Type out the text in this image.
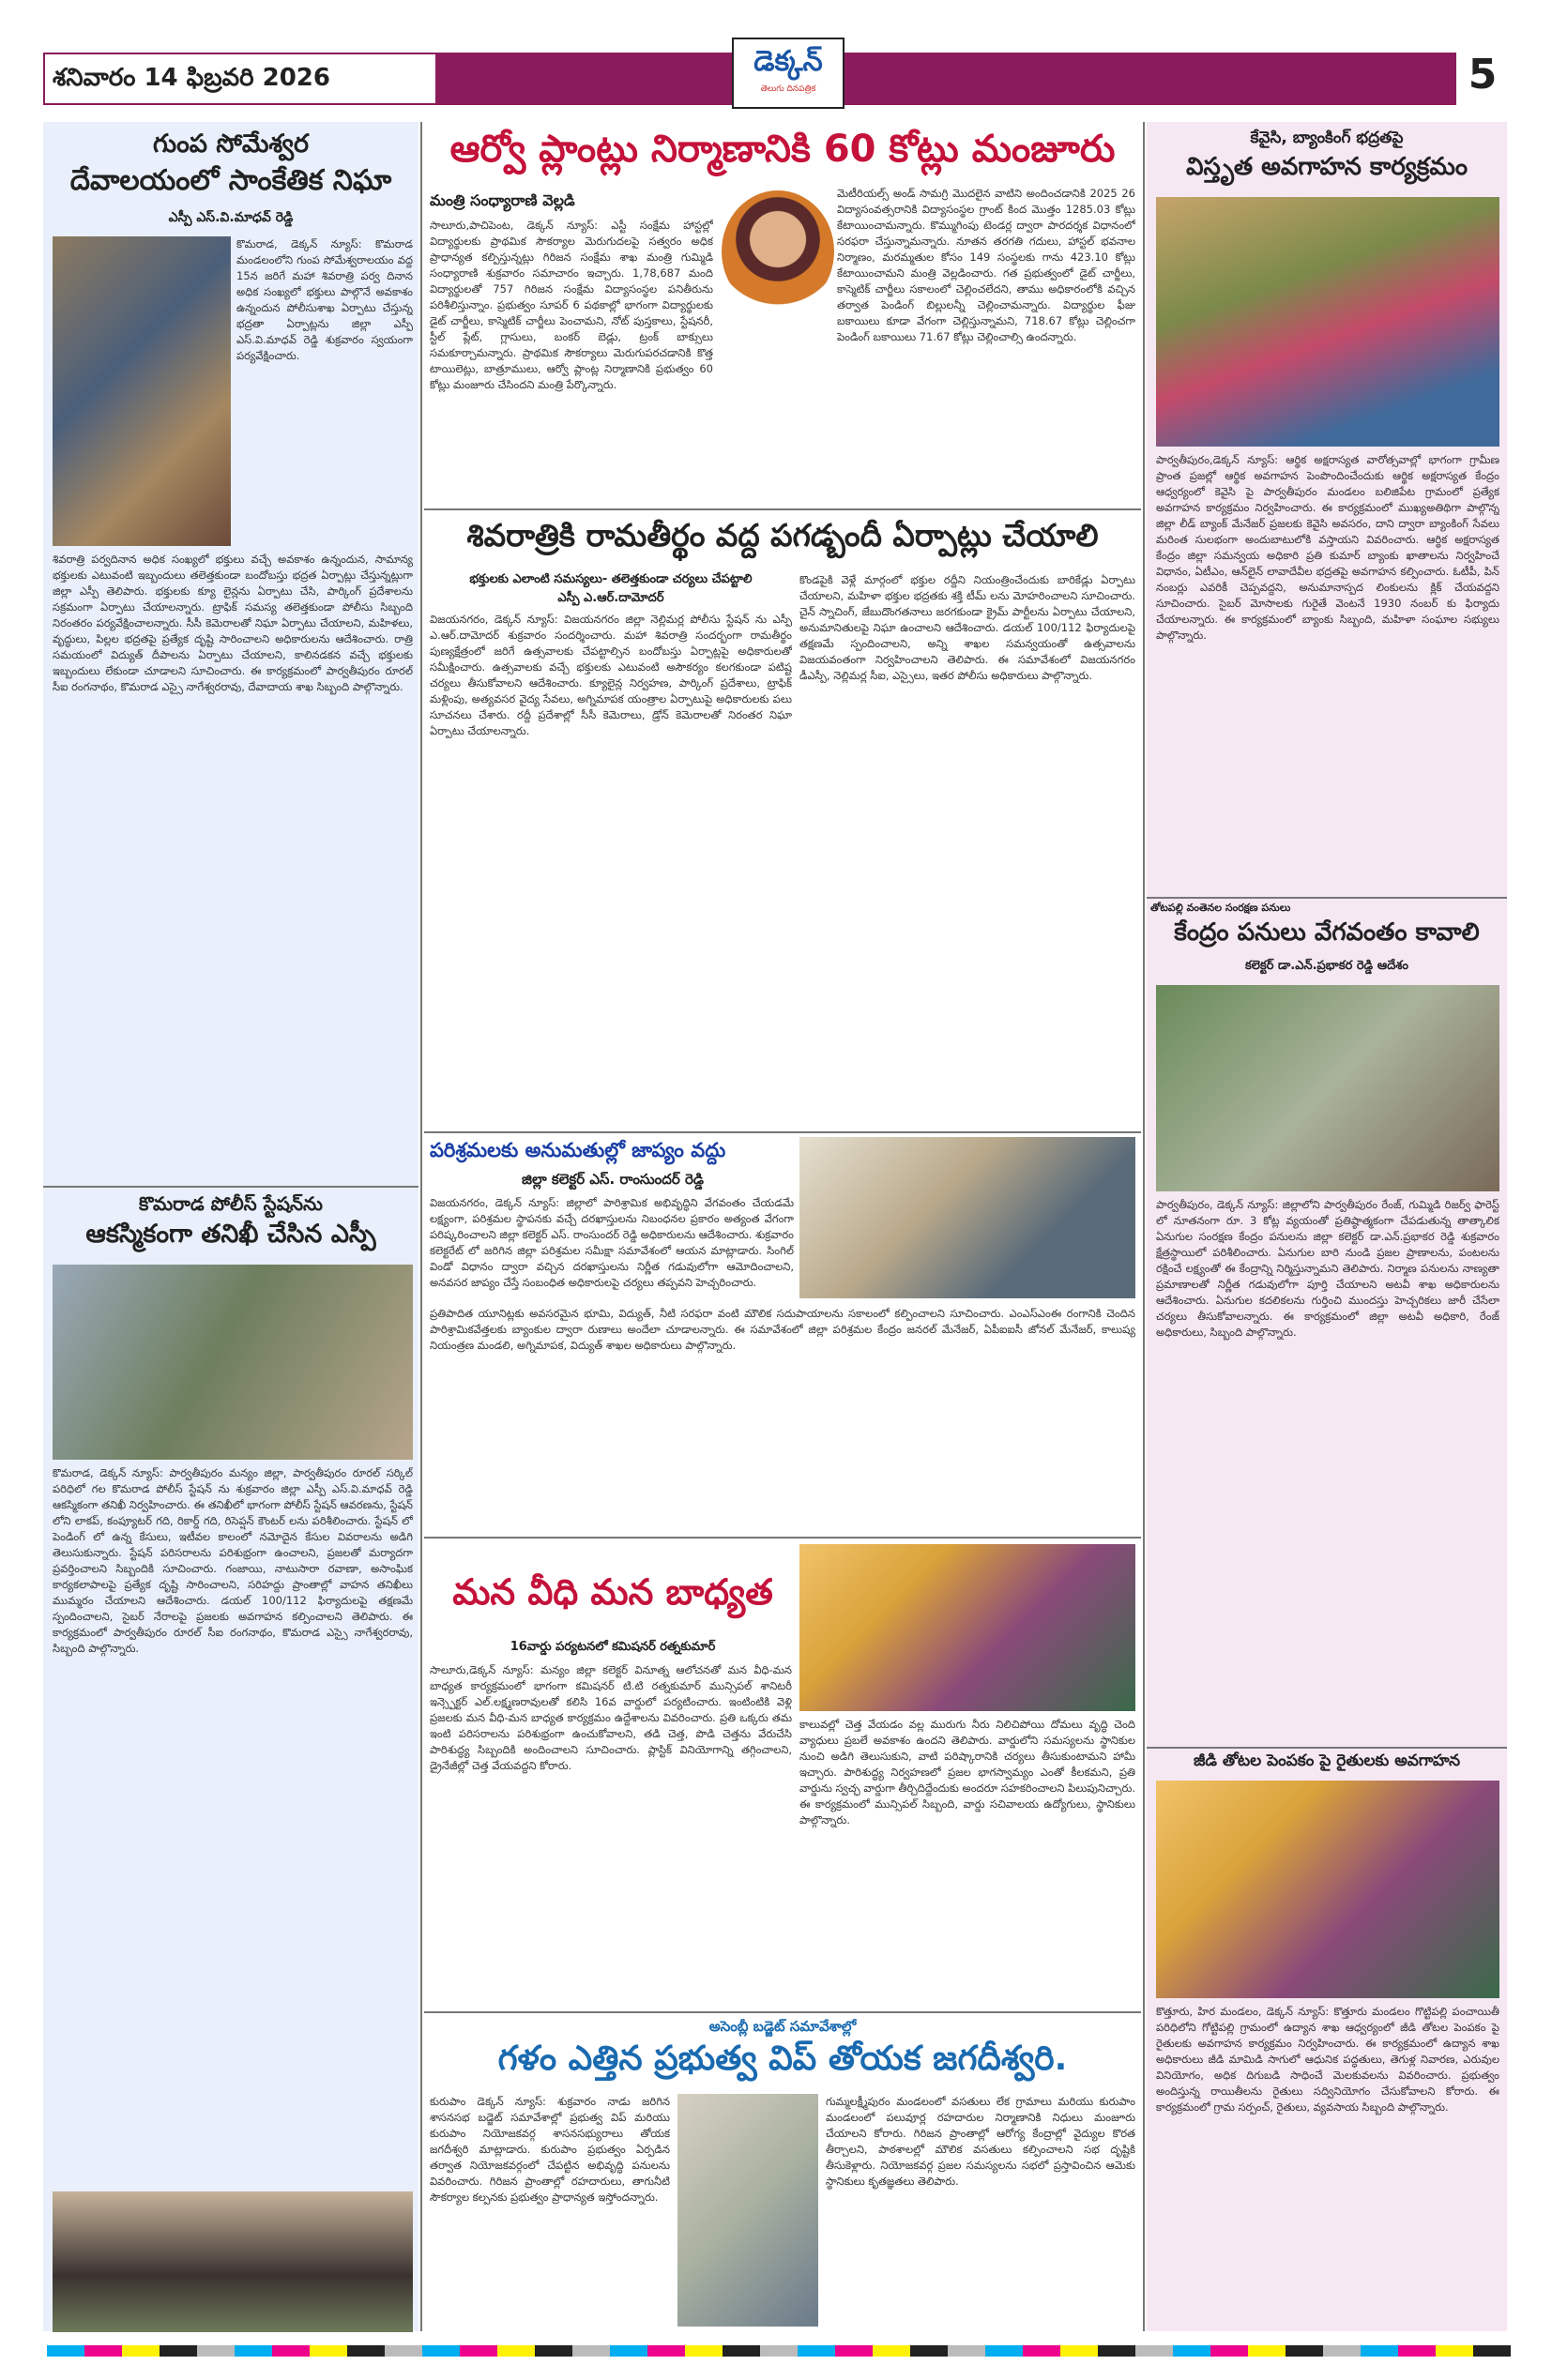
శనివారం 14 ఫిబ్రవరి 2026	డెక్కన్
తెలుగు దినపత్రిక	5
గుంప సోమేశ్వర
దేవాలయంలో సాంకేతిక నిఘా
ఎస్పీ ఎస్.వి.మాధవ్ రెడ్డి
కొమరాడ, డెక్కన్ న్యూస్: కొమరాడ మండలంలోని గుంప సోమేశ్వరాలయం వద్ద 15న జరిగే మహా శివరాత్రి పర్వ దినాన అధిక సంఖ్యలో భక్తులు పాల్గొనే అవకాశం ఉన్నందున పోలీసుశాఖ ఏర్పాటు చేస్తున్న భద్రతా ఏర్పాట్లను జిల్లా ఎస్పీ ఎస్.వి.మాధవ్ రెడ్డి శుక్రవారం స్వయంగా పర్యవేక్షించారు.
శివరాత్రి పర్వదినాన అధిక సంఖ్యలో భక్తులు వచ్చే అవకాశం ఉన్నందున, సామాన్య భక్తులకు ఎటువంటి ఇబ్బందులు తలెత్తకుండా బందోబస్తు భద్రత ఏర్పాట్లు చేస్తున్నట్లుగా జిల్లా ఎస్పీ తెలిపారు. భక్తులకు క్యూ లైన్లను ఏర్పాటు చేసి, పార్కింగ్ ప్రదేశాలను సక్రమంగా ఏర్పాటు చేయాలన్నారు. ట్రాఫిక్ సమస్య తలెత్తకుండా పోలీసు సిబ్బంది నిరంతరం పర్యవేక్షించాలన్నారు. సీసీ కెమెరాలతో నిఘా ఏర్పాటు చేయాలని, మహిళలు, వృద్ధులు, పిల్లల భద్రతపై ప్రత్యేక దృష్టి సారించాలని అధికారులను ఆదేశించారు. రాత్రి సమయంలో విద్యుత్ దీపాలను ఏర్పాటు చేయాలని, కాలినడకన వచ్చే భక్తులకు ఇబ్బందులు లేకుండా చూడాలని సూచించారు. ఈ కార్యక్రమంలో పార్వతీపురం రూరల్ సీఐ రంగనాథం, కొమరాడ ఎస్సై నాగేశ్వరరావు, దేవాదాయ శాఖ సిబ్బంది పాల్గొన్నారు.
కొమరాడ పోలీస్ స్టేషన్‌ను
ఆకస్మికంగా తనిఖీ చేసిన ఎస్పీ
కొమరాడ, డెక్కన్ న్యూస్: పార్వతీపురం మన్యం జిల్లా, పార్వతీపురం రూరల్ సర్కిల్ పరిధిలో గల కొమరాడ పోలీస్ స్టేషన్ ను శుక్రవారం జిల్లా ఎస్పీ ఎస్.వి.మాధవ్ రెడ్డి ఆకస్మికంగా తనిఖీ నిర్వహించారు. ఈ తనిఖీలో భాగంగా పోలీస్ స్టేషన్ ఆవరణను, స్టేషన్ లోని లాకప్, కంప్యూటర్ గది, రికార్డ్ గది, రిసెప్షన్ కౌంటర్ లను పరిశీలించారు. స్టేషన్ లో పెండింగ్ లో ఉన్న కేసులు, ఇటీవల కాలంలో నమోదైన కేసుల వివరాలను అడిగి తెలుసుకున్నారు. స్టేషన్ పరిసరాలను పరిశుభ్రంగా ఉంచాలని, ప్రజలతో మర్యాదగా ప్రవర్తించాలని సిబ్బందికి సూచించారు. గంజాయి, నాటుసారా రవాణా, అసాంఘిక కార్యకలాపాలపై ప్రత్యేక దృష్టి సారించాలని, సరిహద్దు ప్రాంతాల్లో వాహన తనిఖీలు ముమ్మరం చేయాలని ఆదేశించారు. డయల్ 100/112 ఫిర్యాదులపై తక్షణమే స్పందించాలని, సైబర్ నేరాలపై ప్రజలకు అవగాహన కల్పించాలని తెలిపారు. ఈ కార్యక్రమంలో పార్వతీపురం రూరల్ సీఐ రంగనాథం, కొమరాడ ఎస్సై నాగేశ్వరరావు, సిబ్బంది పాల్గొన్నారు.
ఆర్వో ప్లాంట్లు నిర్మాణానికి 60 కోట్లు మంజూరు
మంత్రి సంధ్యారాణి వెల్లడి
సాలూరు,పాచిపెంట, డెక్కన్ న్యూస్: ఎస్టీ సంక్షేమ హాస్టల్లో విద్యార్థులకు ప్రాథమిక సౌకర్యాల మెరుగుదలపై సత్వరం అధిక ప్రాధాన్యత కల్పిస్తున్నట్లు గిరిజన సంక్షేమ శాఖ మంత్రి గుమ్మిడి సంధ్యారాణి శుక్రవారం సమాచారం ఇచ్చారు. 1,78,687 మంది విద్యార్థులతో 757 గిరిజన సంక్షేమ విద్యాసంస్థల పనితీరును పరిశీలిస్తున్నాం. ప్రభుత్వం సూపర్ 6 పథకాల్లో భాగంగా విద్యార్థులకు డైట్ చార్జీలు, కాస్మెటిక్ చార్జీలు పెంచామని, నోట్ పుస్తకాలు, స్టేషనరీ, స్టీల్ ప్లేట్, గ్లాసులు, బంకర్ బెడ్లు, ట్రంక్ బాక్సులు సమకూర్చామన్నారు. ప్రాథమిక సౌకర్యాలు మెరుగుపరచడానికి కొత్త టాయిలెట్లు, బాత్రూములు, ఆర్వో ప్లాంట్ల నిర్మాణానికి ప్రభుత్వం 60 కోట్లు మంజూరు చేసిందని మంత్రి పేర్కొన్నారు.
మెటీరియల్స్ అండ్ సామగ్రి మొదలైన వాటిని అందించడానికి 2025 26 విద్యాసంవత్సరానికి విద్యాసంస్థల గ్రాంట్ కింద మొత్తం 1285.03 కోట్లు కేటాయించామన్నారు. కొమ్ముగింపు టెండర్ల ద్వారా పారదర్శక విధానంలో సరఫరా చేస్తున్నామన్నారు. నూతన తరగతి గదులు, హాస్టల్ భవనాల నిర్మాణం, మరమ్మతుల కోసం 149 సంస్థలకు గాను 423.10 కోట్లు కేటాయించామని మంత్రి వెల్లడించారు. గత ప్రభుత్వంలో డైట్ చార్జీలు, కాస్మెటిక్ చార్జీలు సకాలంలో చెల్లించలేదని, తాము అధికారంలోకి వచ్చిన తర్వాత పెండింగ్ బిల్లులన్నీ చెల్లించామన్నారు. విద్యార్థుల ఫీజు బకాయిలు కూడా వేగంగా చెల్లిస్తున్నామని, 718.67 కోట్లు చెల్లించగా పెండింగ్ బకాయిలు 71.67 కోట్లు చెల్లించాల్సి ఉందన్నారు.
శివరాత్రికి రామతీర్థం వద్ద పగడ్బందీ ఏర్పాట్లు చేయాలి
భక్తులకు ఎలాంటి సమస్యలు- తలెత్తకుండా చర్యలు చేపట్టాలి
ఎస్పీ ఎ.ఆర్.దామోదర్
విజయనగరం, డెక్కన్ న్యూస్: విజయనగరం జిల్లా నెల్లిమర్ల పోలీసు స్టేషన్ ను ఎస్పీ ఎ.ఆర్.దామోదర్ శుక్రవారం సందర్శించారు. మహా శివరాత్రి సందర్భంగా రామతీర్థం పుణ్యక్షేత్రంలో జరిగే ఉత్సవాలకు చేపట్టాల్సిన బందోబస్తు ఏర్పాట్లపై అధికారులతో సమీక్షించారు. ఉత్సవాలకు వచ్చే భక్తులకు ఎటువంటి అసౌకర్యం కలగకుండా పటిష్ట చర్యలు తీసుకోవాలని ఆదేశించారు. క్యూలైన్ల నిర్వహణ, పార్కింగ్ ప్రదేశాలు, ట్రాఫిక్ మళ్లింపు, అత్యవసర వైద్య సేవలు, అగ్నిమాపక యంత్రాల ఏర్పాటుపై అధికారులకు పలు సూచనలు చేశారు. రద్దీ ప్రదేశాల్లో సీసీ కెమెరాలు, డ్రోన్ కెమెరాలతో నిరంతర నిఘా ఏర్పాటు చేయాలన్నారు.
కొండపైకి వెళ్లే మార్గంలో భక్తుల రద్దీని నియంత్రించేందుకు బారికేడ్లు ఏర్పాటు చేయాలని, మహిళా భక్తుల భద్రతకు శక్తి టీమ్ లను మోహరించాలని సూచించారు. చైన్ స్నాచింగ్, జేబుదొంగతనాలు జరగకుండా క్రైమ్ పార్టీలను ఏర్పాటు చేయాలని, అనుమానితులపై నిఘా ఉంచాలని ఆదేశించారు. డయల్ 100/112 ఫిర్యాదులపై తక్షణమే స్పందించాలని, అన్ని శాఖల సమన్వయంతో ఉత్సవాలను విజయవంతంగా నిర్వహించాలని తెలిపారు. ఈ సమావేశంలో విజయనగరం డీఎస్పీ, నెల్లిమర్ల సీఐ, ఎస్సైలు, ఇతర పోలీసు అధికారులు పాల్గొన్నారు.
పరిశ్రమలకు అనుమతుల్లో జాప్యం వద్దు
జిల్లా కలెక్టర్ ఎస్. రాంసుందర్ రెడ్డి
విజయనగరం, డెక్కన్ న్యూస్: జిల్లాలో పారిశ్రామిక అభివృద్ధిని వేగవంతం చేయడమే లక్ష్యంగా, పరిశ్రమల స్థాపనకు వచ్చే దరఖాస్తులను నిబంధనల ప్రకారం అత్యంత వేగంగా పరిష్కరించాలని జిల్లా కలెక్టర్ ఎస్. రాంసుందర్ రెడ్డి అధికారులను ఆదేశించారు. శుక్రవారం కలెక్టరేట్ లో జరిగిన జిల్లా పరిశ్రమల సమీక్షా సమావేశంలో ఆయన మాట్లాడారు. సింగిల్ విండో విధానం ద్వారా వచ్చిన దరఖాస్తులను నిర్ణీత గడువులోగా ఆమోదించాలని, అనవసర జాప్యం చేస్తే సంబంధిత అధికారులపై చర్యలు తప్పవని హెచ్చరించారు.
ప్రతిపాదిత యూనిట్లకు అవసరమైన భూమి, విద్యుత్, నీటి సరఫరా వంటి మౌలిక సదుపాయాలను సకాలంలో కల్పించాలని సూచించారు. ఎంఎస్ఎంఈ రంగానికి చెందిన పారిశ్రామికవేత్తలకు బ్యాంకుల ద్వారా రుణాలు అందేలా చూడాలన్నారు. ఈ సమావేశంలో జిల్లా పరిశ్రమల కేంద్రం జనరల్ మేనేజర్, ఏపీఐఐసీ జోనల్ మేనేజర్, కాలుష్య నియంత్రణ మండలి, అగ్నిమాపక, విద్యుత్ శాఖల అధికారులు పాల్గొన్నారు.
మన వీధి మన బాధ్యత
16వార్డు పర్యటనలో కమిషనర్ రత్నకుమార్
సాలూరు,డెక్కన్ న్యూస్: మన్యం జిల్లా కలెక్టర్ వినూత్న ఆలోచనతో మన వీధి-మన బాధ్యత కార్యక్రమంలో భాగంగా కమిషనర్ టి.టి రత్నకుమార్ మున్సిపల్ శానిటరీ ఇన్స్పెక్టర్ ఎల్.లక్ష్మణరావులతో కలిసి 16వ వార్డులో పర్యటించారు. ఇంటింటికి వెళ్లి ప్రజలకు మన వీధి-మన బాధ్యత కార్యక్రమం ఉద్దేశాలను వివరించారు. ప్రతి ఒక్కరు తమ ఇంటి పరిసరాలను పరిశుభ్రంగా ఉంచుకోవాలని, తడి చెత్త, పొడి చెత్తను వేరుచేసి పారిశుద్ధ్య సిబ్బందికి అందించాలని సూచించారు. ప్లాస్టిక్ వినియోగాన్ని తగ్గించాలని, డ్రైనేజీల్లో చెత్త వేయవద్దని కోరారు.
కాలువల్లో చెత్త వేయడం వల్ల మురుగు నీరు నిలిచిపోయి దోమలు వృద్ధి చెంది వ్యాధులు ప్రబలే అవకాశం ఉందని తెలిపారు. వార్డులోని సమస్యలను స్థానికుల నుంచి అడిగి తెలుసుకుని, వాటి పరిష్కారానికి చర్యలు తీసుకుంటామని హామీ ఇచ్చారు. పారిశుద్ధ్య నిర్వహణలో ప్రజల భాగస్వామ్యం ఎంతో కీలకమని, ప్రతి వార్డును స్వచ్ఛ వార్డుగా తీర్చిదిద్దేందుకు అందరూ సహకరించాలని పిలుపునిచ్చారు. ఈ కార్యక్రమంలో మున్సిపల్ సిబ్బంది, వార్డు సచివాలయ ఉద్యోగులు, స్థానికులు పాల్గొన్నారు.
అసెంబ్లీ బడ్జెట్ సమావేశాల్లో
గళం ఎత్తిన ప్రభుత్వ విప్ తోయక జగదీశ్వరి.
కురుపాం డెక్కన్ న్యూస్: శుక్రవారం నాడు జరిగిన శాసనసభ బడ్జెట్ సమావేశాల్లో ప్రభుత్వ విప్ మరియు కురుపాం నియోజకవర్గ శాసనసభ్యురాలు తోయక జగదీశ్వరి మాట్లాడారు. కురుపాం ప్రభుత్వం ఏర్పడిన తర్వాత నియోజకవర్గంలో చేపట్టిన అభివృద్ధి పనులను వివరించారు. గిరిజన ప్రాంతాల్లో రహదారులు, తాగునీటి సౌకర్యాల కల్పనకు ప్రభుత్వం ప్రాధాన్యత ఇస్తోందన్నారు.
గుమ్మలక్ష్మీపురం మండలంలో వసతులు లేక గ్రామాలు మరియు కురుపాం మండలంలో పలువూర్ల రహదారుల నిర్మాణానికి నిధులు మంజూరు చేయాలని కోరారు. గిరిజన ప్రాంతాల్లో ఆరోగ్య కేంద్రాల్లో వైద్యుల కొరత తీర్చాలని, పాఠశాలల్లో మౌలిక వసతులు కల్పించాలని సభ దృష్టికి తీసుకెళ్లారు. నియోజకవర్గ ప్రజల సమస్యలను సభలో ప్రస్తావించిన ఆమెకు స్థానికులు కృతజ్ఞతలు తెలిపారు.
కేవైసి, బ్యాంకింగ్ భద్రతపై
విస్తృత అవగాహన కార్యక్రమం
పార్వతీపురం,డెక్కన్ న్యూస్: ఆర్థిక అక్షరాస్యత వారోత్సవాల్లో భాగంగా గ్రామీణ ప్రాంత ప్రజల్లో ఆర్థిక అవగాహన పెంపొందించేందుకు ఆర్థిక అక్షరాస్యత కేంద్రం ఆధ్వర్యంలో కెవైసి పై పార్వతీపురం మండలం బలిజిపేట గ్రామంలో ప్రత్యేక అవగాహన కార్యక్రమం నిర్వహించారు. ఈ కార్యక్రమంలో ముఖ్యఅతిథిగా పాల్గొన్న జిల్లా లీడ్ బ్యాంక్ మేనేజర్ ప్రజలకు కెవైసి అవసరం, దాని ద్వారా బ్యాంకింగ్ సేవలు మరింత సులభంగా అందుబాటులోకి వస్తాయని వివరించారు. ఆర్థిక అక్షరాస్యత కేంద్రం జిల్లా సమన్వయ అధికారి ప్రతి కుమార్ బ్యాంకు ఖాతాలను నిర్వహించే విధానం, ఏటీఎం, ఆన్‌లైన్ లావాదేవీల భద్రతపై అవగాహన కల్పించారు. ఓటీపీ, పిన్ నంబర్లు ఎవరికీ చెప్పవద్దని, అనుమానాస్పద లింకులను క్లిక్ చేయవద్దని సూచించారు. సైబర్ మోసాలకు గురైతే వెంటనే 1930 నంబర్ కు ఫిర్యాదు చేయాలన్నారు. ఈ కార్యక్రమంలో బ్యాంకు సిబ్బంది, మహిళా సంఘాల సభ్యులు పాల్గొన్నారు.
తోటపల్లి వంతెనల సంరక్షణ పనులు
కేంద్రం పనులు వేగవంతం కావాలి
కలెక్టర్ డా.ఎన్.ప్రభాకర రెడ్డి ఆదేశం
పార్వతీపురం, డెక్కన్ న్యూస్: జిల్లాలోని పార్వతీపురం రేంజ్, గుమ్మిడి రిజర్వ్ ఫారెస్ట్ లో నూతనంగా రూ. 3 కోట్ల వ్యయంతో ప్రతిష్ఠాత్మకంగా చేపడుతున్న తాత్కాలిక ఏనుగుల సంరక్షణ కేంద్రం పనులను జిల్లా కలెక్టర్ డా.ఎన్.ప్రభాకర రెడ్డి శుక్రవారం క్షేత్రస్థాయిలో పరిశీలించారు. ఏనుగుల బారి నుండి ప్రజల ప్రాణాలను, పంటలను రక్షించే లక్ష్యంతో ఈ కేంద్రాన్ని నిర్మిస్తున్నామని తెలిపారు. నిర్మాణ పనులను నాణ్యతా ప్రమాణాలతో నిర్ణీత గడువులోగా పూర్తి చేయాలని అటవీ శాఖ అధికారులను ఆదేశించారు. ఏనుగుల కదలికలను గుర్తించి ముందస్తు హెచ్చరికలు జారీ చేసేలా చర్యలు తీసుకోవాలన్నారు. ఈ కార్యక్రమంలో జిల్లా అటవీ అధికారి, రేంజ్ అధికారులు, సిబ్బంది పాల్గొన్నారు.
జీడి తోటల పెంపకం పై రైతులకు అవగాహన
కొత్తూరు, హిర మండలం, డెక్కన్ న్యూస్: కొత్తూరు మండలం గొట్టిపల్లి పంచాయితీ పరిధిలోని గోట్టిపల్లి గ్రామంలో ఉద్యాన శాఖ ఆధ్వర్యంలో జీడి తోటల పెంపకం పై రైతులకు అవగాహన కార్యక్రమం నిర్వహించారు. ఈ కార్యక్రమంలో ఉద్యాన శాఖ అధికారులు జీడి మామిడి సాగులో ఆధునిక పద్ధతులు, తెగుళ్ల నివారణ, ఎరువుల వినియోగం, అధిక దిగుబడి సాధించే మెలకువలను వివరించారు. ప్రభుత్వం అందిస్తున్న రాయితీలను రైతులు సద్వినియోగం చేసుకోవాలని కోరారు. ఈ కార్యక్రమంలో గ్రామ సర్పంచ్, రైతులు, వ్యవసాయ సిబ్బంది పాల్గొన్నారు.
